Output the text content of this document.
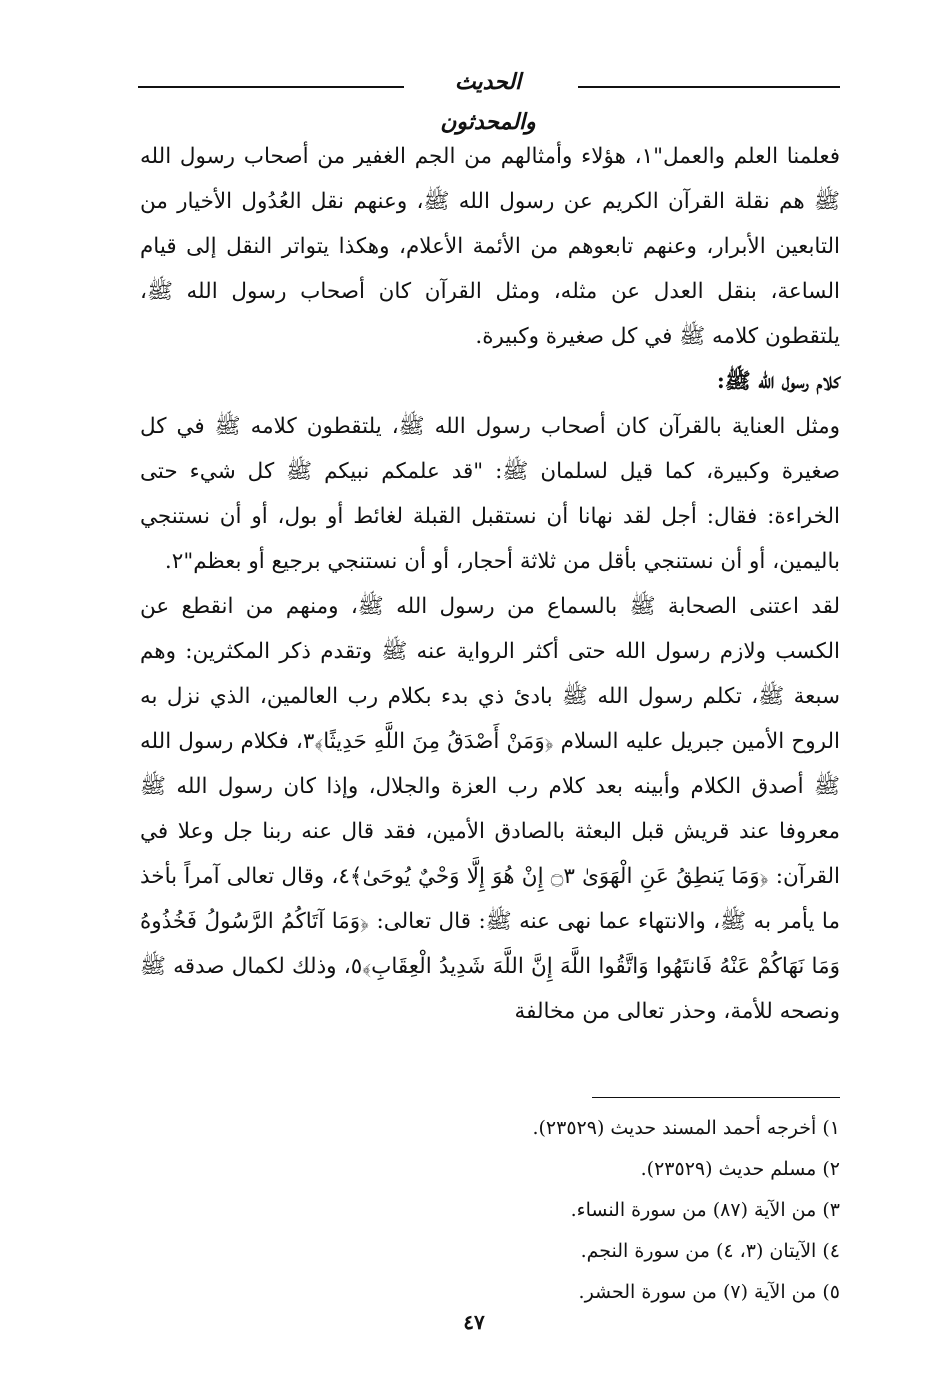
الحديث والمحدثون

فعلمنا العلم والعمل"١، هؤلاء وأمثالهم من الجم الغفير من أصحاب رسول الله ﷺ هم نقلة القرآن الكريم عن رسول الله ﷺ، وعنهم نقل العُدُول الأخيار من التابعين الأبرار، وعنهم تابعوهم من الأئمة الأعلام، وهكذا يتواتر النقل إلى قيام الساعة، بنقل العدل عن مثله، ومثل القرآن كان أصحاب رسول الله ﷺ، يلتقطون كلامه ﷺ في كل صغيرة وكبيرة.

كلام رسول الله ﷺ:

ومثل العناية بالقرآن كان أصحاب رسول الله ﷺ، يلتقطون كلامه ﷺ في كل صغيرة وكبيرة، كما قيل لسلمان ﷺ: "قد علمكم نبيكم ﷺ كل شيء حتى الخراءة: فقال: أجل لقد نهانا أن نستقبل القبلة لغائط أو بول، أو أن نستنجي باليمين، أو أن نستنجي بأقل من ثلاثة أحجار، أو أن نستنجي برجيع أو بعظم"٢.

لقد اعتنى الصحابة ﷺ بالسماع من رسول الله ﷺ، ومنهم من انقطع عن الكسب ولازم رسول الله حتى أكثر الرواية عنه ﷺ وتقدم ذكر المكثرين: وهم سبعة ﷺ، تكلم رسول الله ﷺ بادئ ذي بدء بكلام رب العالمين، الذي نزل به الروح الأمين جبريل عليه السلام ﴿وَمَنْ أَصْدَقُ مِنَ اللَّهِ حَدِيثًا﴾٣، فكلام رسول الله ﷺ أصدق الكلام وأبينه بعد كلام رب العزة والجلال، وإذا كان رسول الله ﷺ معروفا عند قريش قبل البعثة بالصادق الأمين، فقد قال عنه ربنا جل وعلا في القرآن: ﴿وَمَا يَنطِقُ عَنِ الْهَوَىٰ ۝٣ إِنْ هُوَ إِلَّا وَحْيٌ يُوحَىٰ﴾٤، وقال تعالى آمراً بأخذ ما يأمر به ﷺ، والانتهاء عما نهى عنه ﷺ: قال تعالى: ﴿وَمَا آتَاكُمُ الرَّسُولُ فَخُذُوهُ وَمَا نَهَاكُمْ عَنْهُ فَانتَهُوا وَاتَّقُوا اللَّهَ إِنَّ اللَّهَ شَدِيدُ الْعِقَابِ﴾٥، وذلك لكمال صدقه ﷺ ونصحه للأمة، وحذر تعالى من مخالفة

١) أخرجه أحمد المسند حديث (٢٣٥٢٩).
٢) مسلم حديث (٢٣٥٢٩).
٣) من الآية (٨٧) من سورة النساء.
٤) الآيتان (٣، ٤) من سورة النجم.
٥) من الآية (٧) من سورة الحشر.
٤٧
